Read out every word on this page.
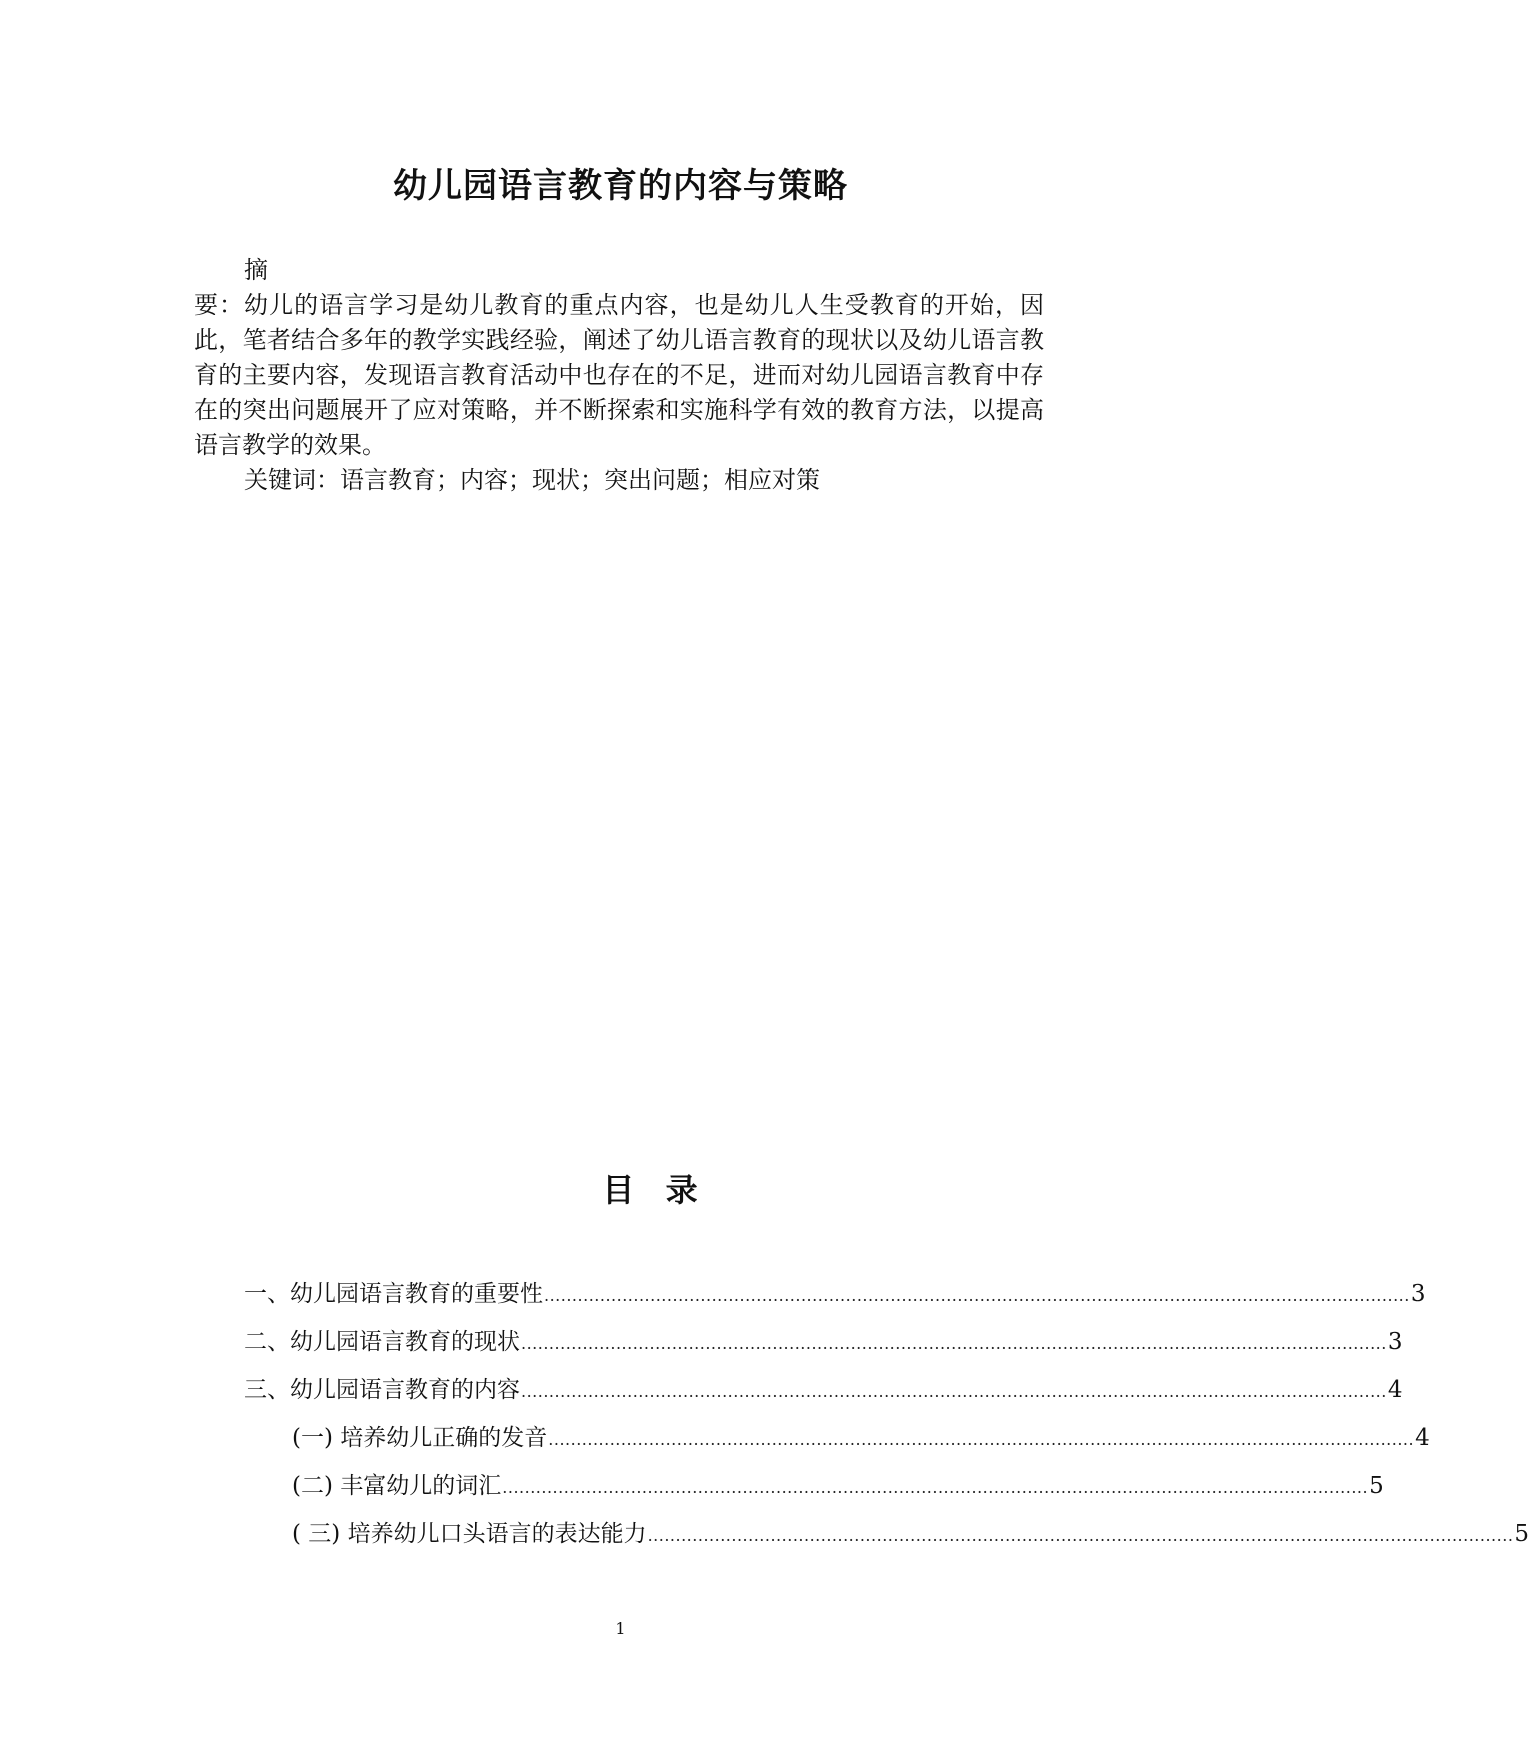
幼儿园语言教育的内容与策略

摘

要：幼儿的语言学习是幼儿教育的重点内容，也是幼儿人生受教育的开始，因此，笔者结合多年的教学实践经验，阐述了幼儿语言教育的现状以及幼儿语言教育的主要内容，发现语言教育活动中也存在的不足，进而对幼儿园语言教育中存在的突出问题展开了应对策略，并不断探索和实施科学有效的教育方法，以提高语言教学的效果。

关键词：语言教育；内容；现状；突出问题；相应对策

目 录
一、幼儿园语言教育的重要性 ........................................................................................................................................................... 3
二、幼儿园语言教育的现状 ........................................................................................................................................................... 3
三、幼儿园语言教育的内容 ........................................................................................................................................................... 4
(一) 培养幼儿正确的发音 ........................................................................................................................................................... 4
(二) 丰富幼儿的词汇 ........................................................................................................................................................... 5
( 三) 培养幼儿口头语言的表达能力 ........................................................................................................................................................... 5
1
